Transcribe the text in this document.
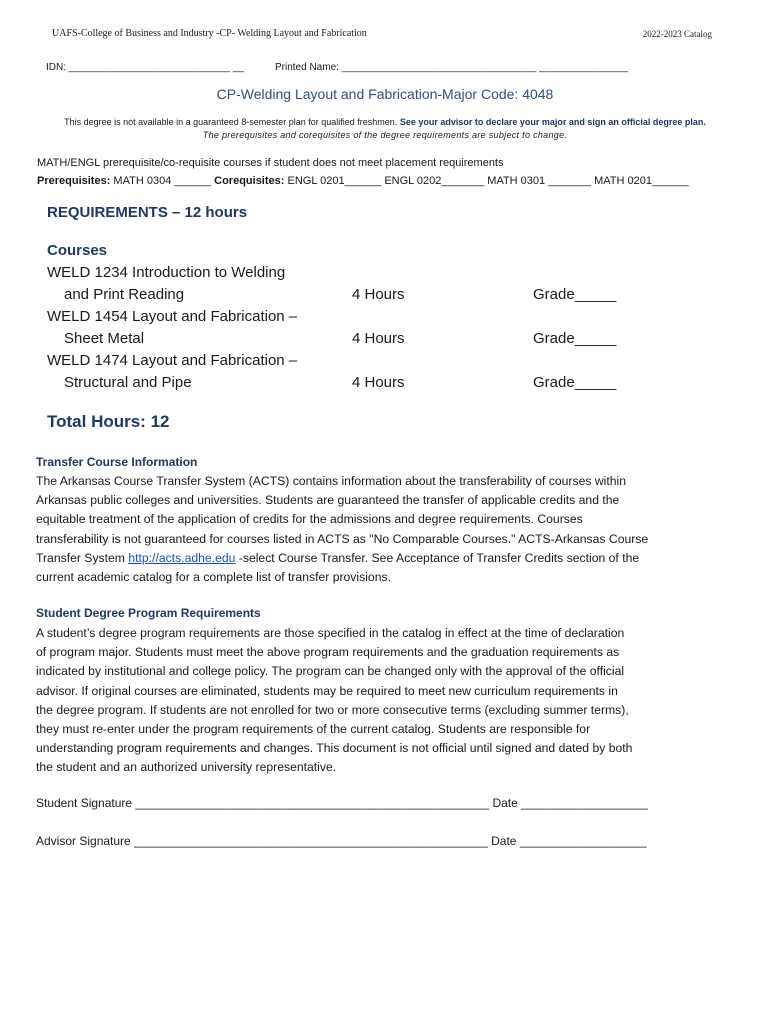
UAFS-College of Business and Industry -CP- Welding Layout and Fabrication	2022-2023 Catalog
IDN: _____________________________ __	Printed Name: ___________________________________ ________________
CP-Welding Layout and Fabrication-Major Code: 4048
This degree is not available in a guaranteed 8-semester plan for qualified freshmen. See your advisor to declare your major and sign an official degree plan.
The prerequisites and corequisites of the degree requirements are subject to change.
MATH/ENGL prerequisite/co-requisite courses if student does not meet placement requirements
Prerequisites: MATH 0304 ______ Corequisites: ENGL 0201______ ENGL 0202_______ MATH 0301 _______ MATH 0201______
REQUIREMENTS – 12 hours
Courses
WELD 1234 Introduction to Welding
and Print Reading	4 Hours	Grade_____
WELD 1454 Layout and Fabrication –
Sheet Metal	4 Hours	Grade_____
WELD 1474 Layout and Fabrication –
Structural and Pipe	4 Hours	Grade_____
Total Hours: 12
Transfer Course Information
The Arkansas Course Transfer System (ACTS) contains information about the transferability of courses within
Arkansas public colleges and universities. Students are guaranteed the transfer of applicable credits and the
equitable treatment of the application of credits for the admissions and degree requirements. Courses
transferability is not guaranteed for courses listed in ACTS as "No Comparable Courses." ACTS-Arkansas Course
Transfer System http://acts.adhe.edu -select Course Transfer. See Acceptance of Transfer Credits section of the
current academic catalog for a complete list of transfer provisions.
Student Degree Program Requirements
A student’s degree program requirements are those specified in the catalog in effect at the time of declaration
of program major. Students must meet the above program requirements and the graduation requirements as
indicated by institutional and college policy. The program can be changed only with the approval of the official
advisor. If original courses are eliminated, students may be required to meet new curriculum requirements in
the degree program. If students are not enrolled for two or more consecutive terms (excluding summer terms),
they must re-enter under the program requirements of the current catalog. Students are responsible for
understanding program requirements and changes. This document is not official until signed and dated by both
the student and an authorized university representative.
Student Signature _____________________________________________________ Date ___________________
Advisor Signature _____________________________________________________ Date ___________________
